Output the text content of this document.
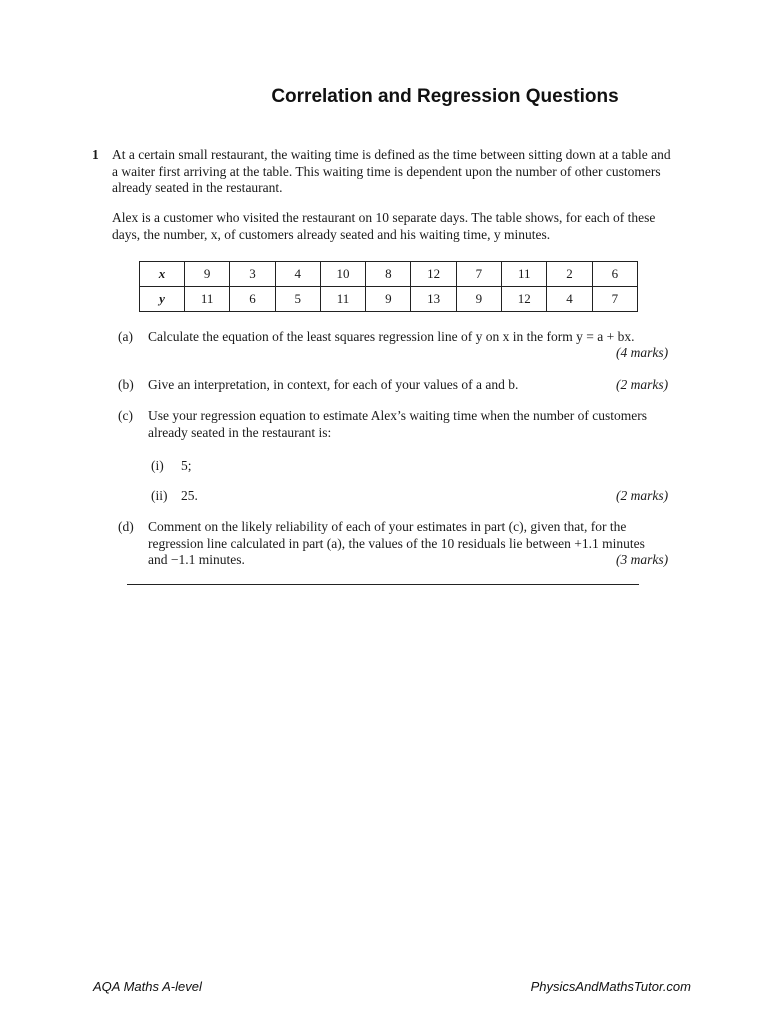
Correlation and Regression Questions
1 At a certain small restaurant, the waiting time is defined as the time between sitting down at a table and a waiter first arriving at the table. This waiting time is dependent upon the number of other customers already seated in the restaurant.
Alex is a customer who visited the restaurant on 10 separate days. The table shows, for each of these days, the number, x, of customers already seated and his waiting time, y minutes.
x	9	3	4	10	8	12	7	11	2	6
y	11	6	5	11	9	13	9	12	4	7
(a) Calculate the equation of the least squares regression line of y on x in the form y = a + bx.
(4 marks)
(b) Give an interpretation, in context, for each of your values of a and b.	(2 marks)
(c) Use your regression equation to estimate Alex’s waiting time when the number of customers already seated in the restaurant is:
(i) 5;
(ii) 25.	(2 marks)
(d) Comment on the likely reliability of each of your estimates in part (c), given that, for the regression line calculated in part (a), the values of the 10 residuals lie between +1.1 minutes and −1.1 minutes.	(3 marks)
AQA Maths A-level	PhysicsAndMathsTutor.com
